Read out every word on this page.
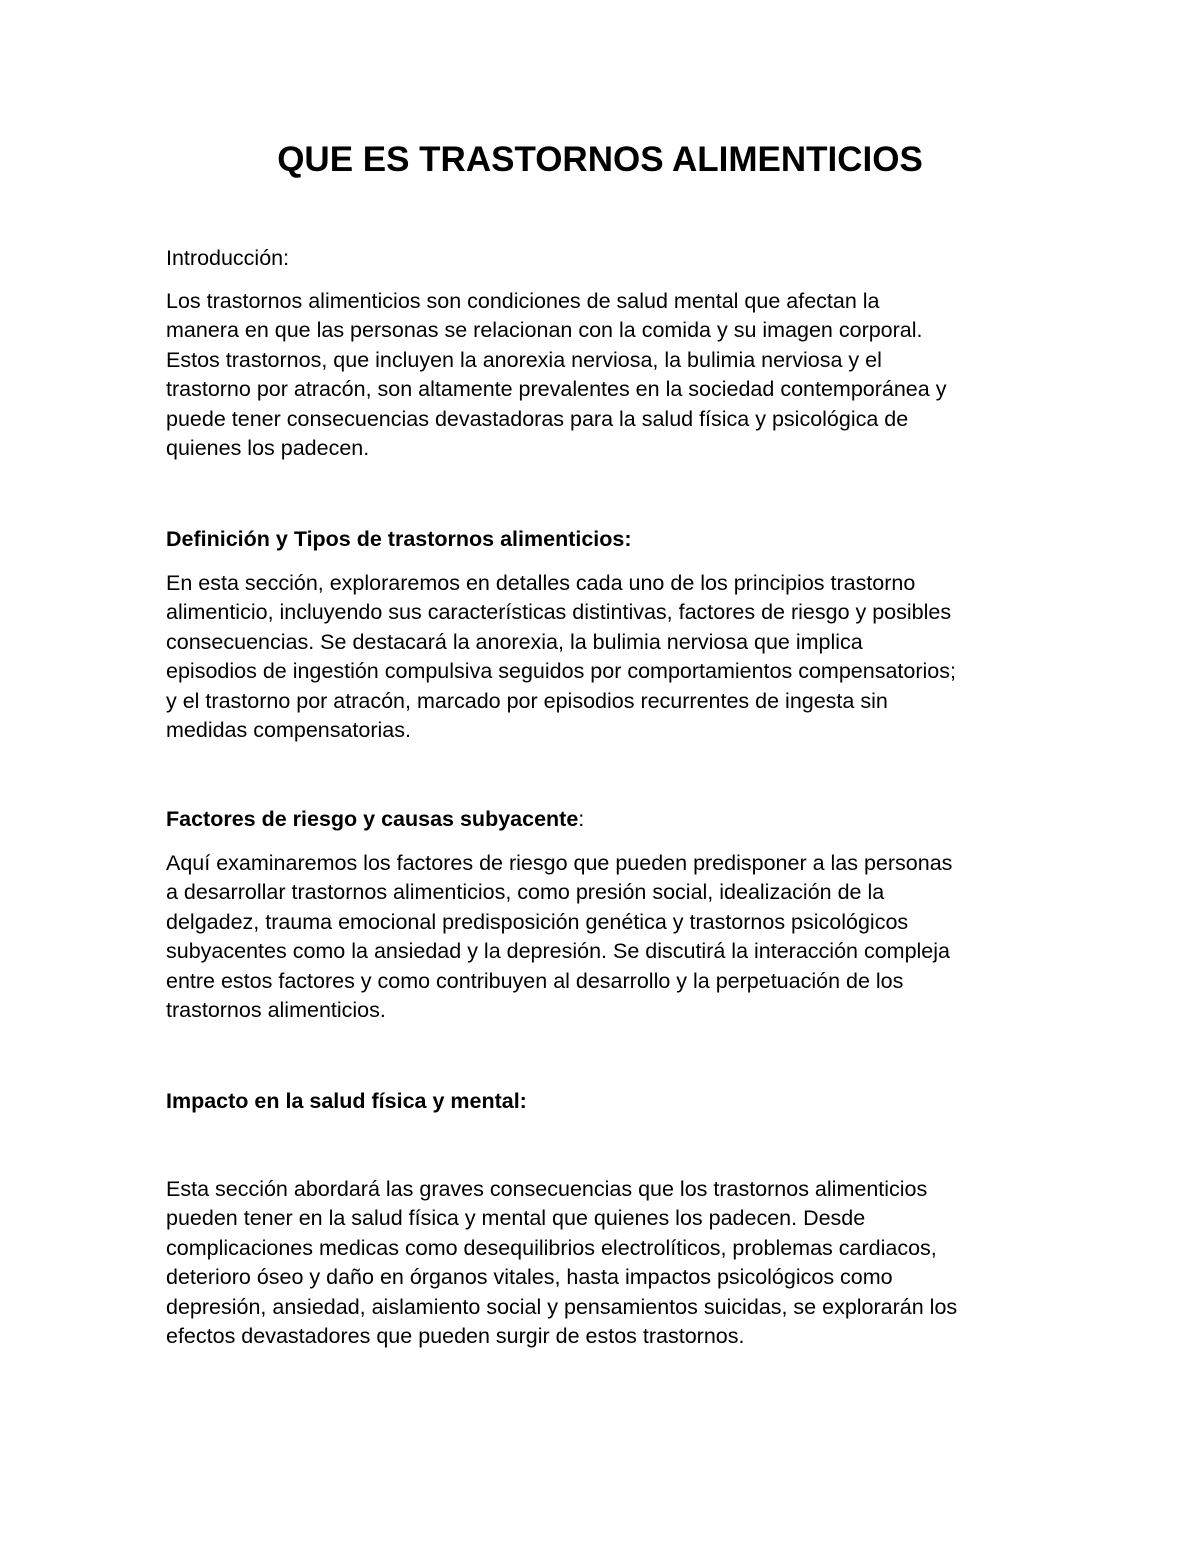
QUE ES TRASTORNOS ALIMENTICIOS

Introducción:

Los trastornos alimenticios son condiciones de salud mental que afectan la

manera en que las personas se relacionan con la comida y su imagen corporal.

Estos trastornos, que incluyen la anorexia nerviosa, la bulimia nerviosa y el

trastorno por atracón, son altamente prevalentes en la sociedad contemporánea y

puede tener consecuencias devastadoras para la salud física y psicológica de

quienes los padecen.

Definición y Tipos de trastornos alimenticios:

En esta sección, exploraremos en detalles cada uno de los principios trastorno

alimenticio, incluyendo sus características distintivas, factores de riesgo y posibles

consecuencias. Se destacará la anorexia, la bulimia nerviosa que implica

episodios de ingestión compulsiva seguidos por comportamientos compensatorios;

y el trastorno por atracón, marcado por episodios recurrentes de ingesta sin

medidas compensatorias.

Factores de riesgo y causas subyacente:

Aquí examinaremos los factores de riesgo que pueden predisponer a las personas

a desarrollar trastornos alimenticios, como presión social, idealización de la

delgadez, trauma emocional predisposición genética y trastornos psicológicos

subyacentes como la ansiedad y la depresión. Se discutirá la interacción compleja

entre estos factores y como contribuyen al desarrollo y la perpetuación de los

trastornos alimenticios.

Impacto en la salud física y mental:

Esta sección abordará las graves consecuencias que los trastornos alimenticios

pueden tener en la salud física y mental que quienes los padecen. Desde

complicaciones medicas como desequilibrios electrolíticos, problemas cardiacos,

deterioro óseo y daño en órganos vitales, hasta impactos psicológicos como

depresión, ansiedad, aislamiento social y pensamientos suicidas, se explorarán los

efectos devastadores que pueden surgir de estos trastornos.
